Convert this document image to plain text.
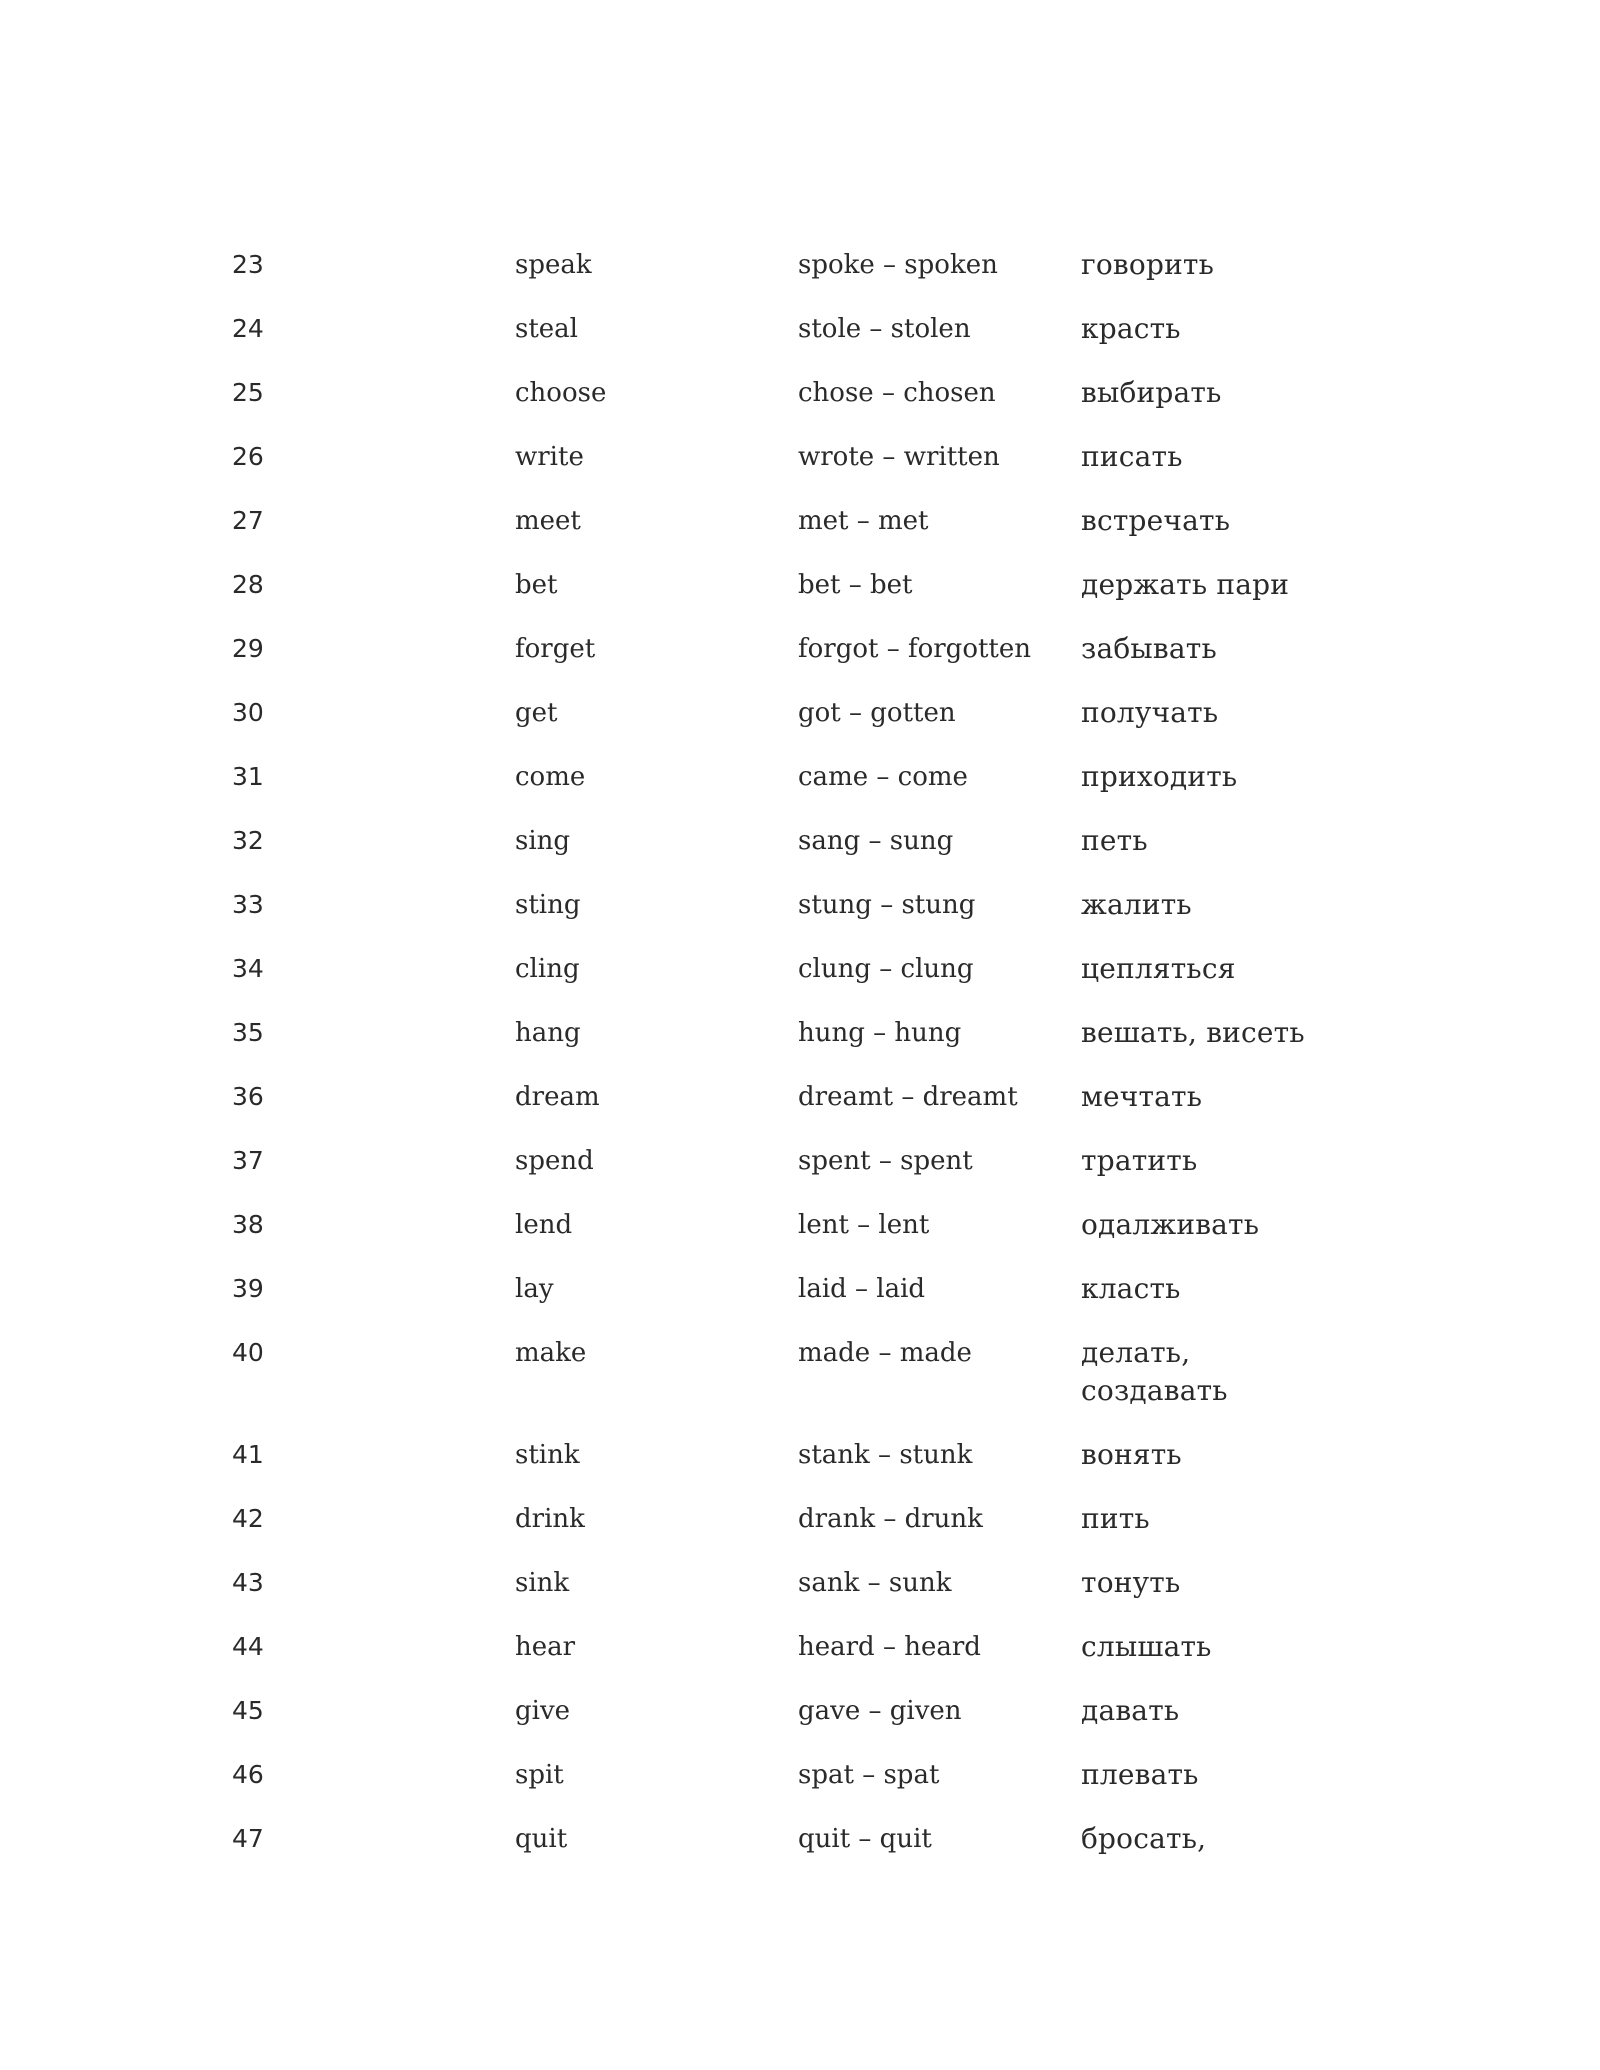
23	speak	spoke – spoken	говорить
24	steal	stole – stolen	красть
25	choose	chose – chosen	выбирать
26	write	wrote – written	писать
27	meet	met – met	встречать
28	bet	bet – bet	держать пари
29	forget	forgot – forgotten	забывать
30	get	got – gotten	получать
31	come	came – come	приходить
32	sing	sang – sung	петь
33	sting	stung – stung	жалить
34	cling	clung – clung	цепляться
35	hang	hung – hung	вешать, висеть
36	dream	dreamt – dreamt	мечтать
37	spend	spent – spent	тратить
38	lend	lent – lent	одалживать
39	lay	laid – laid	класть
40	make	made – made	делать,
создавать
41	stink	stank – stunk	вонять
42	drink	drank – drunk	пить
43	sink	sank – sunk	тонуть
44	hear	heard – heard	слышать
45	give	gave – given	давать
46	spit	spat – spat	плевать
47	quit	quit – quit	бросать,
